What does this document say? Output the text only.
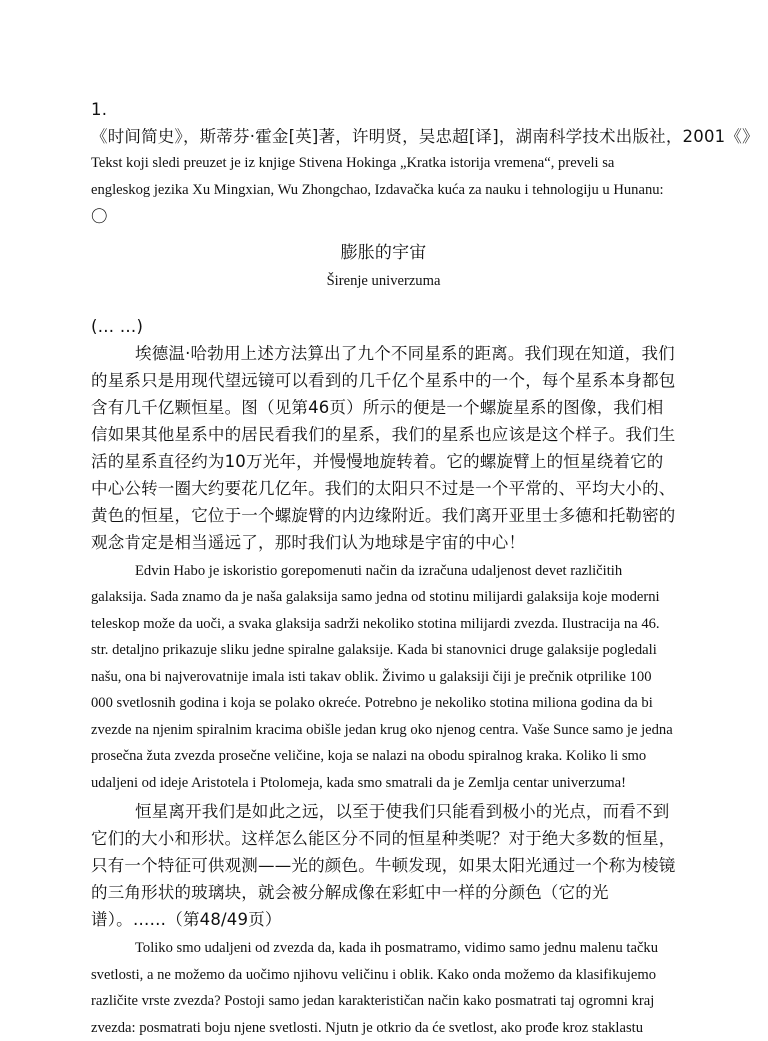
1.
《时间简史》，斯蒂芬·霍金[英]著，许明贤，吴忠超[译]，湖南科学技术出版社，2001《》
Tekst koji sledi preuzet je iz knjige Stivena Hokinga „Kratka istorija vremena“, preveli sa engleskog jezika Xu Mingxian, Wu Zhongchao, Izdavačka kuća za nauku i tehnologiju u Hunanu:
〇
膨胀的宇宙
Širenje univerzuma
(… …)
埃德温·哈勃用上述方法算出了九个不同星系的距离。我们现在知道，我们的星系只是用现代望远镜可以看到的几千亿个星系中的一个，每个星系本身都包含有几千亿颗恒星。图（见第46页）所示的便是一个螺旋星系的图像，我们相信如果其他星系中的居民看我们的星系，我们的星系也应该是这个样子。我们生活的星系直径约为10万光年，并慢慢地旋转着。它的螺旋臂上的恒星绕着它的中心公转一圈大约要花几亿年。我们的太阳只不过是一个平常的、平均大小的、黄色的恒星，它位于一个螺旋臂的内边缘附近。我们离开亚里士多德和托勒密的观念肯定是相当遥远了，那时我们认为地球是宇宙的中心！
Edvin Habo je iskoristio gorepomenuti način da izračuna udaljenost devet različitih galaksija. Sada znamo da je naša galaksija samo jedna od stotinu milijardi galaksija koje moderni teleskop može da uoči, a svaka glaksija sadrži nekoliko stotina milijardi zvezda. Ilustracija na 46. str. detaljno prikazuje sliku jedne spiralne galaksije. Kada bi stanovnici druge galaksije pogledali našu, ona bi najverovatnije imala isti takav oblik. Živimo u galaksiji čiji je prečnik otprilike 100 000 svetlosnih godina i koja se polako okreće. Potrebno je nekoliko stotina miliona godina da bi zvezde na njenim spiralnim kracima obišle jedan krug oko njenog centra. Vaše Sunce samo je jedna prosečna žuta zvezda prosečne veličine, koja se nalazi na obodu spiralnog kraka. Koliko li smo udaljeni od ideje Aristotela i Ptolomeja, kada smo smatrali da je Zemlja centar univerzuma!
恒星离开我们是如此之远，以至于使我们只能看到极小的光点，而看不到它们的大小和形状。这样怎么能区分不同的恒星种类呢？对于绝大多数的恒星，只有一个特征可供观测——光的颜色。牛顿发现，如果太阳光通过一个称为棱镜的三角形状的玻璃块，就会被分解成像在彩虹中一样的分颜色（它的光谱）。……（第48/49页）
Toliko smo udaljeni od zvezda da, kada ih posmatramo, vidimo samo jednu malenu tačku svetlosti, a ne možemo da uočimo njihovu veličinu i oblik. Kako onda možemo da klasifikujemo različite vrste zvezda? Postoji samo jedan karakterističan način kako posmatrati taj ogromni kraj zvezda: posmatrati boju njene svetlosti. Njutn je otkrio da će svetlost, ako prođe kroz staklastu
